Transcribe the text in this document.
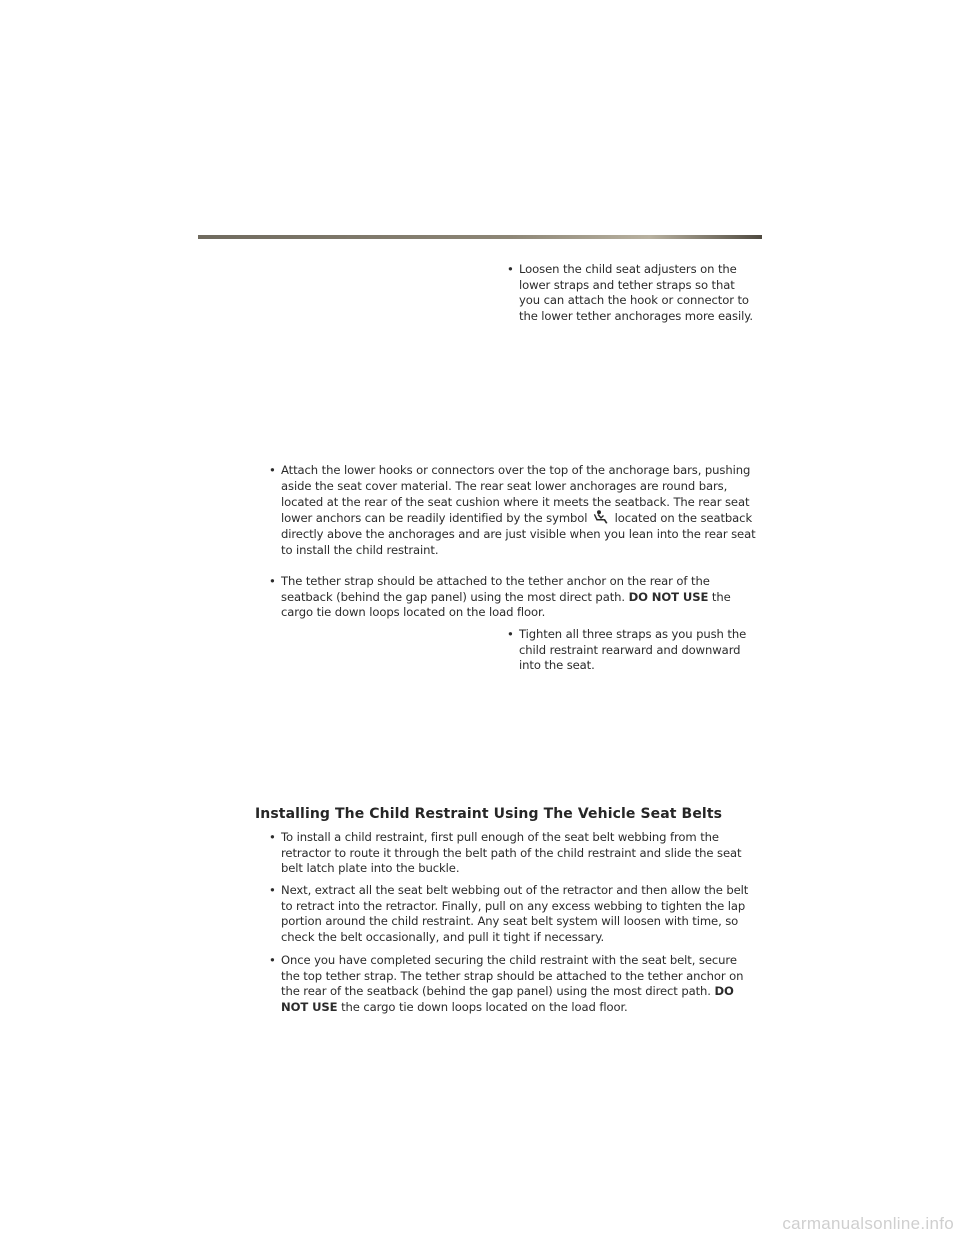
• Loosen the child seat adjusters on the lower straps and tether straps so that you can attach the hook or connector to the lower tether anchorages more easily.

• Attach the lower hooks or connectors over the top of the anchorage bars, pushing aside the seat cover material. The rear seat lower anchorages are round bars, located at the rear of the seat cushion where it meets the seatback. The rear seat lower anchors can be readily identified by the symbol located on the seatback directly above the anchorages and are just visible when you lean into the rear seat to install the child restraint.

• The tether strap should be attached to the tether anchor on the rear of the seatback (behind the gap panel) using the most direct path. DO NOT USE the cargo tie down loops located on the load floor.

• Tighten all three straps as you push the child restraint rearward and downward into the seat.

Installing The Child Restraint Using The Vehicle Seat Belts
• To install a child restraint, first pull enough of the seat belt webbing from the retractor to route it through the belt path of the child restraint and slide the seat belt latch plate into the buckle.

• Next, extract all the seat belt webbing out of the retractor and then allow the belt to retract into the retractor. Finally, pull on any excess webbing to tighten the lap portion around the child restraint. Any seat belt system will loosen with time, so check the belt occasionally, and pull it tight if necessary.

• Once you have completed securing the child restraint with the seat belt, secure the top tether strap. The tether strap should be attached to the tether anchor on the rear of the seatback (behind the gap panel) using the most direct path. DO NOT USE the cargo tie down loops located on the load floor.

carmanualsonline.info
